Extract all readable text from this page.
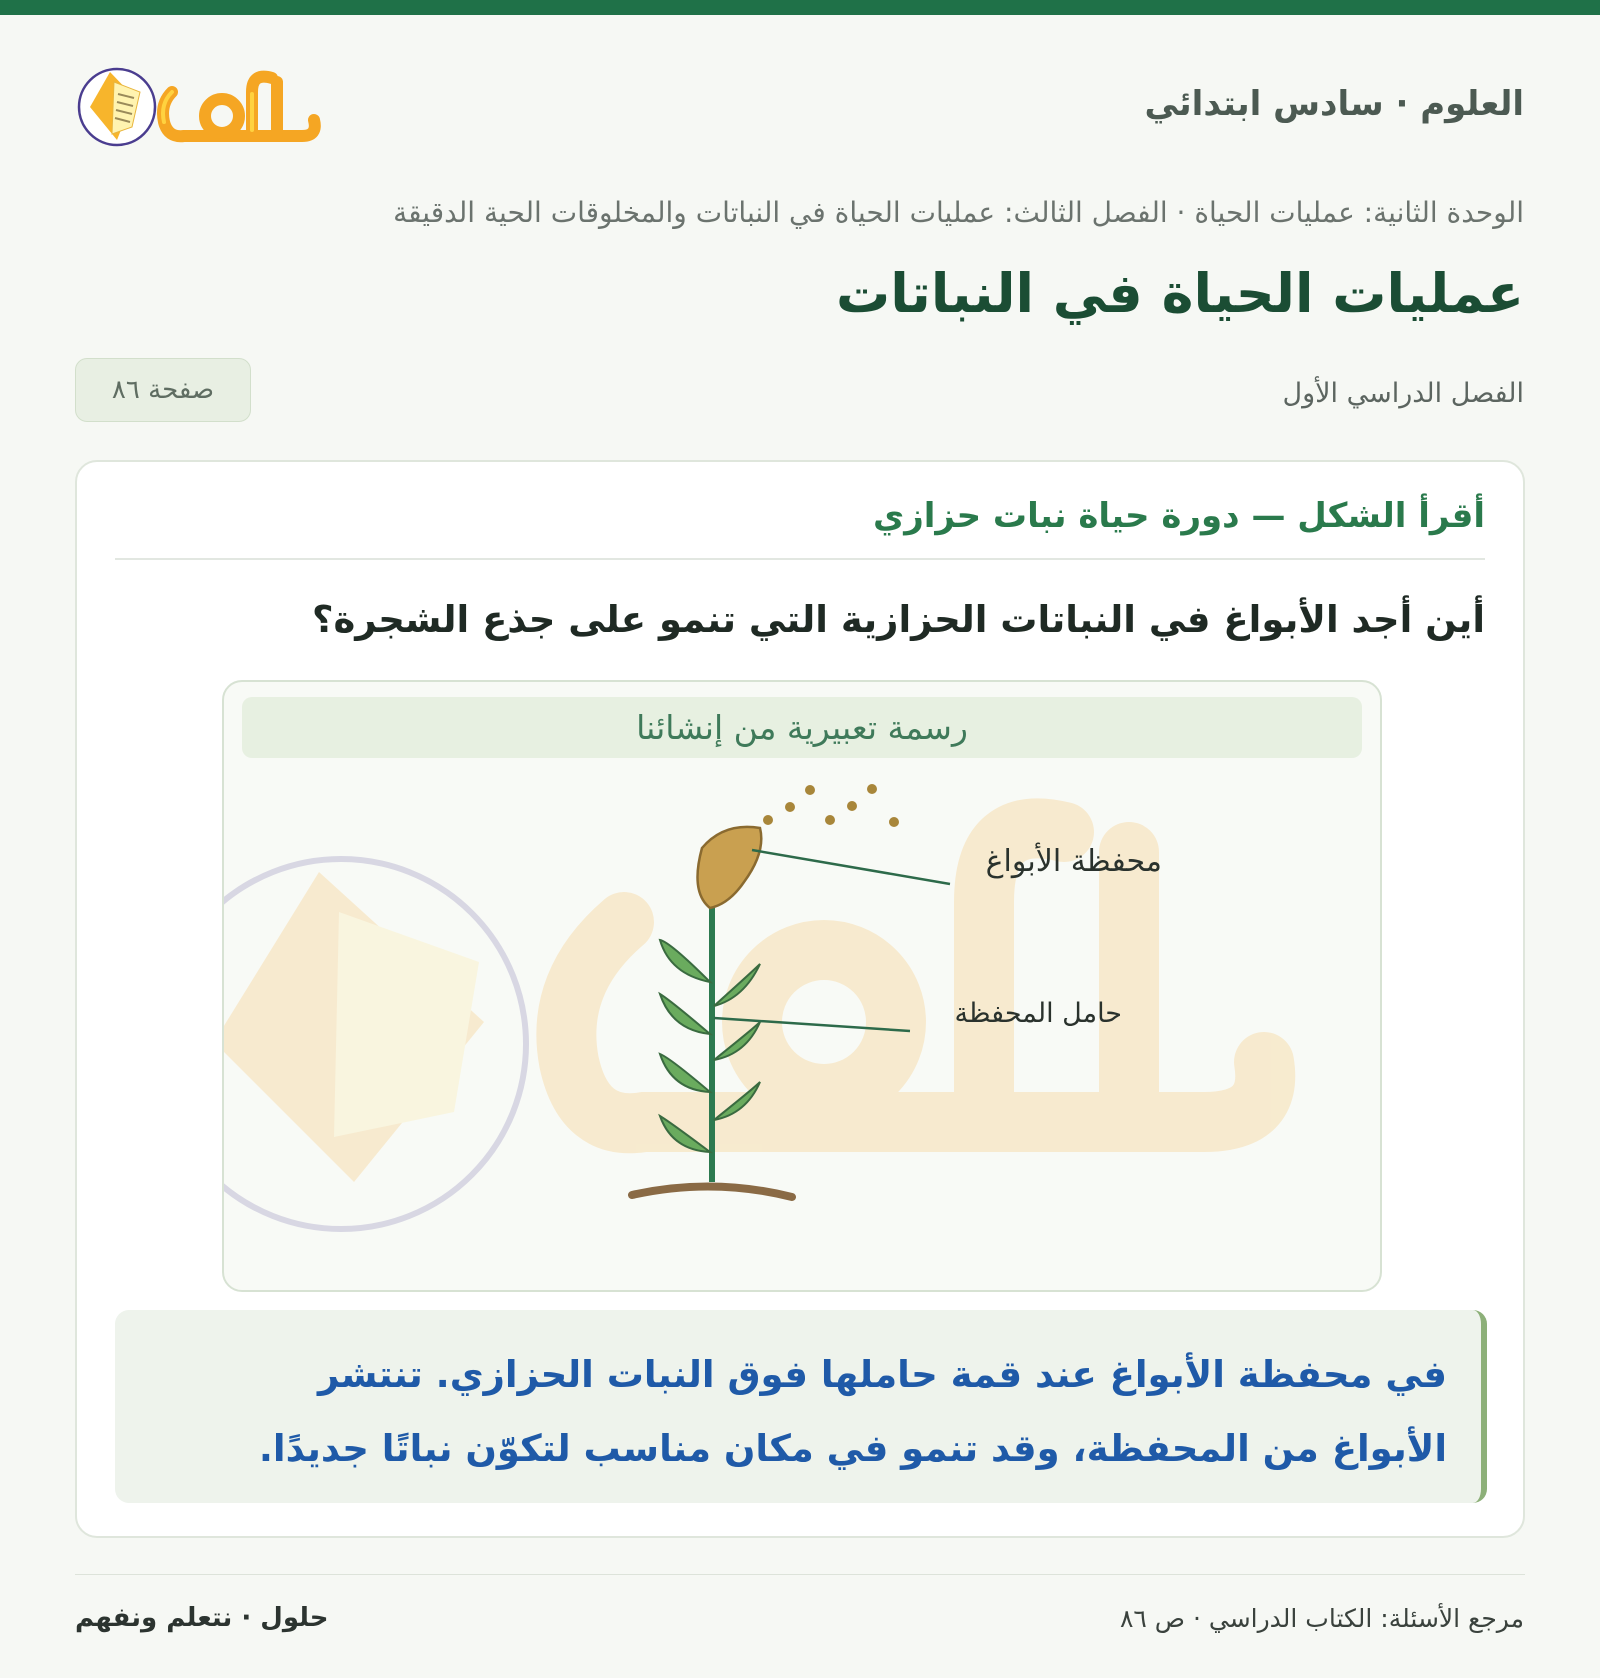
العلوم · سادس ابتدائي
الوحدة الثانية: عمليات الحياة · الفصل الثالث: عمليات الحياة في النباتات والمخلوقات الحية الدقيقة
عمليات الحياة في النباتات
الفصل الدراسي الأول
صفحة ٨٦
أقرأ الشكل — دورة حياة نبات حزازي

أين أجد الأبواغ في النباتات الحزازية التي تنمو على جذع الشجرة؟

رسمة تعبيرية من إنشائنا
محفظة الأبواغ
حامل المحفظة
في محفظة الأبواغ عند قمة حاملها فوق النبات الحزازي. تنتشر
الأبواغ من المحفظة، وقد تنمو في مكان مناسب لتكوّن نباتًا جديدًا.
مرجع الأسئلة: الكتاب الدراسي · ص ٨٦
حلول · نتعلم ونفهم
